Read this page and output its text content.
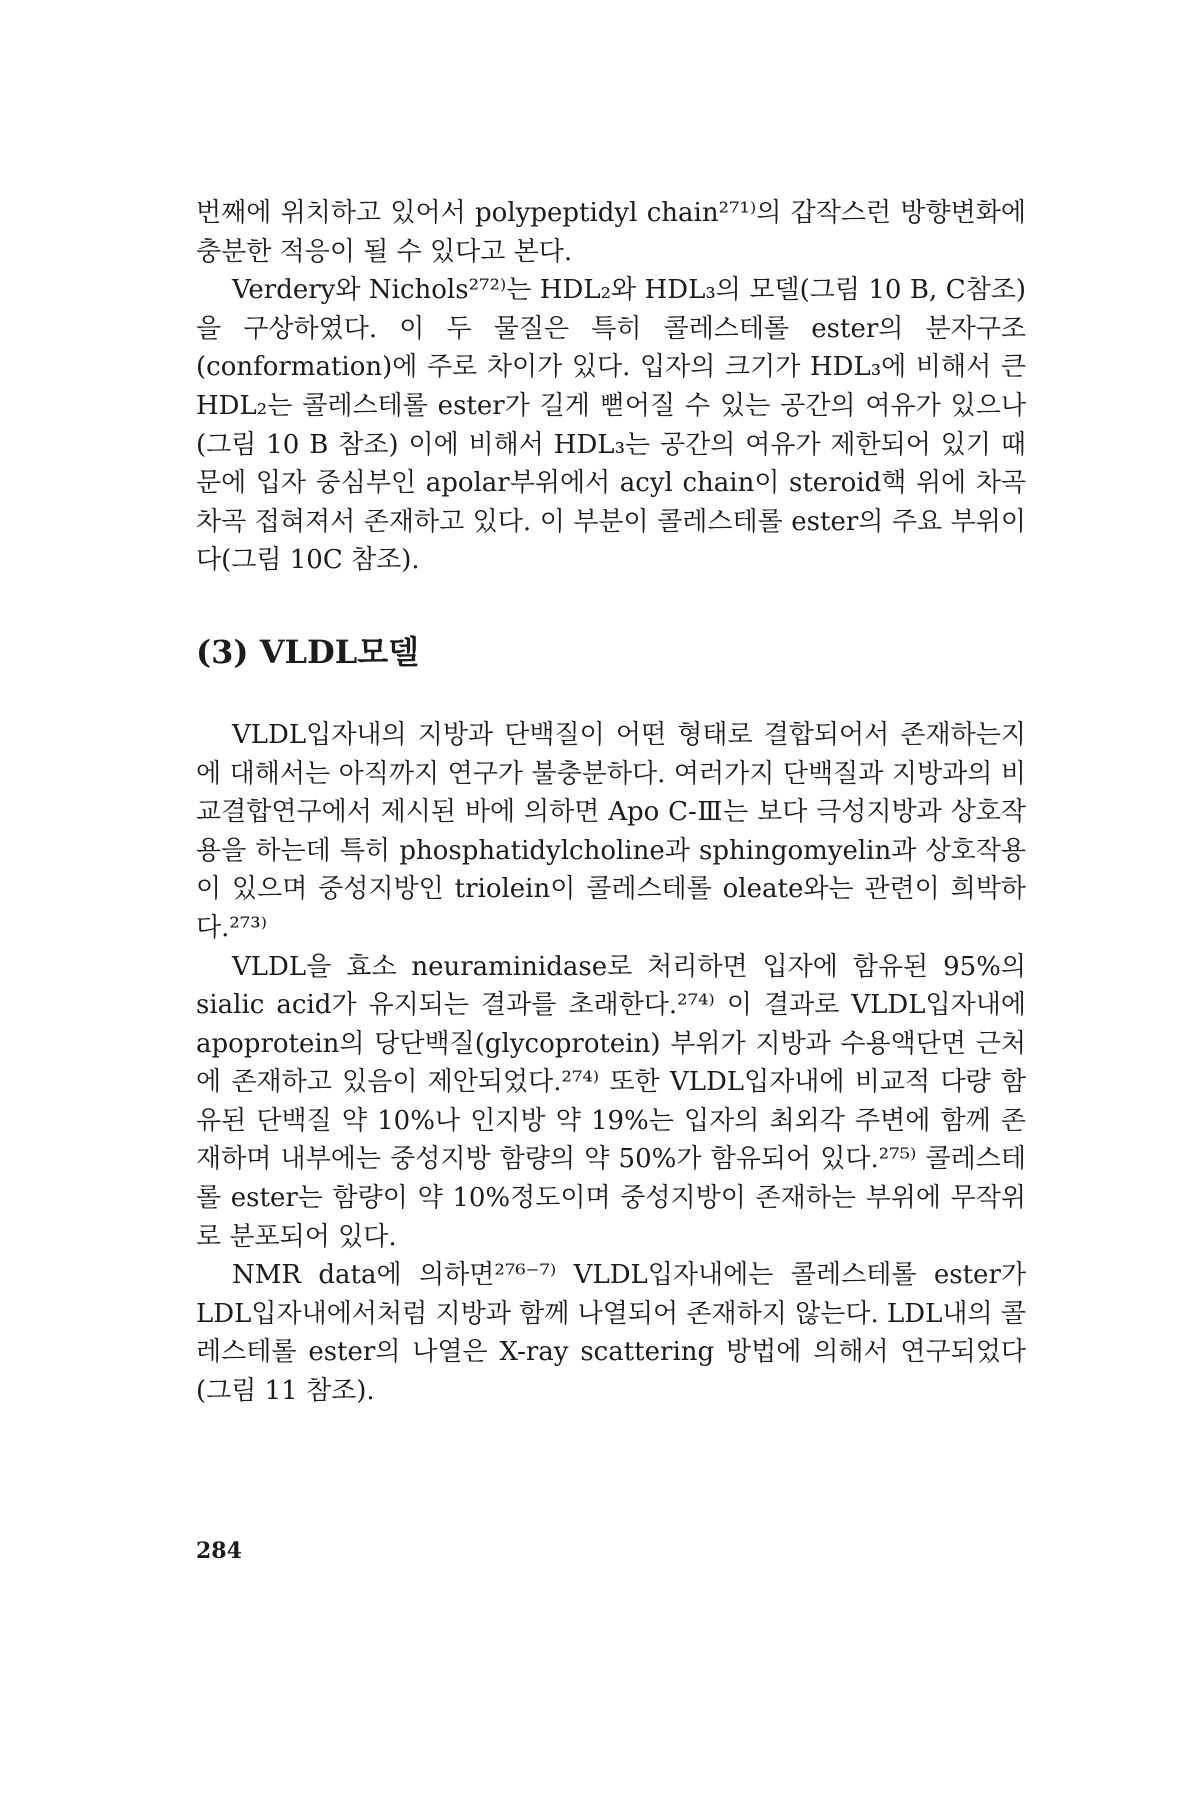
번째에 위치하고 있어서 polypeptidyl chain²⁷¹⁾의 갑작스런 방향변화에 충분한 적응이 될 수 있다고 본다.

Verdery와 Nichols²⁷²⁾는 HDL₂와 HDL₃의 모델(그림 10 B, C참조)을 구상하였다. 이 두 물질은 특히 콜레스테롤 ester의 분자구조(conformation)에 주로 차이가 있다. 입자의 크기가 HDL₃에 비해서 큰 HDL₂는 콜레스테롤 ester가 길게 뻗어질 수 있는 공간의 여유가 있으나(그림 10 B 참조) 이에 비해서 HDL₃는 공간의 여유가 제한되어 있기 때문에 입자 중심부인 apolar부위에서 acyl chain이 steroid핵 위에 차곡차곡 접혀져서 존재하고 있다. 이 부분이 콜레스테롤 ester의 주요 부위이다(그림 10C 참조).

(3) VLDL모델

VLDL입자내의 지방과 단백질이 어떤 형태로 결합되어서 존재하는지에 대해서는 아직까지 연구가 불충분하다. 여러가지 단백질과 지방과의 비교결합연구에서 제시된 바에 의하면 Apo C-Ⅲ는 보다 극성지방과 상호작용을 하는데 특히 phosphatidylcholine과 sphingomyelin과 상호작용이 있으며 중성지방인 triolein이 콜레스테롤 oleate와는 관련이 희박하다.²⁷³⁾

VLDL을 효소 neuraminidase로 처리하면 입자에 함유된 95%의 sialic acid가 유지되는 결과를 초래한다.²⁷⁴⁾ 이 결과로 VLDL입자내에 apoprotein의 당단백질(glycoprotein) 부위가 지방과 수용액단면 근처에 존재하고 있음이 제안되었다.²⁷⁴⁾ 또한 VLDL입자내에 비교적 다량 함유된 단백질 약 10%나 인지방 약 19%는 입자의 최외각 주변에 함께 존재하며 내부에는 중성지방 함량의 약 50%가 함유되어 있다.²⁷⁵⁾ 콜레스테롤 ester는 함량이 약 10%정도이며 중성지방이 존재하는 부위에 무작위로 분포되어 있다.

NMR data에 의하면²⁷⁶⁻⁷⁾ VLDL입자내에는 콜레스테롤 ester가 LDL입자내에서처럼 지방과 함께 나열되어 존재하지 않는다. LDL내의 콜레스테롤 ester의 나열은 X-ray scattering 방법에 의해서 연구되었다(그림 11 참조).

284
